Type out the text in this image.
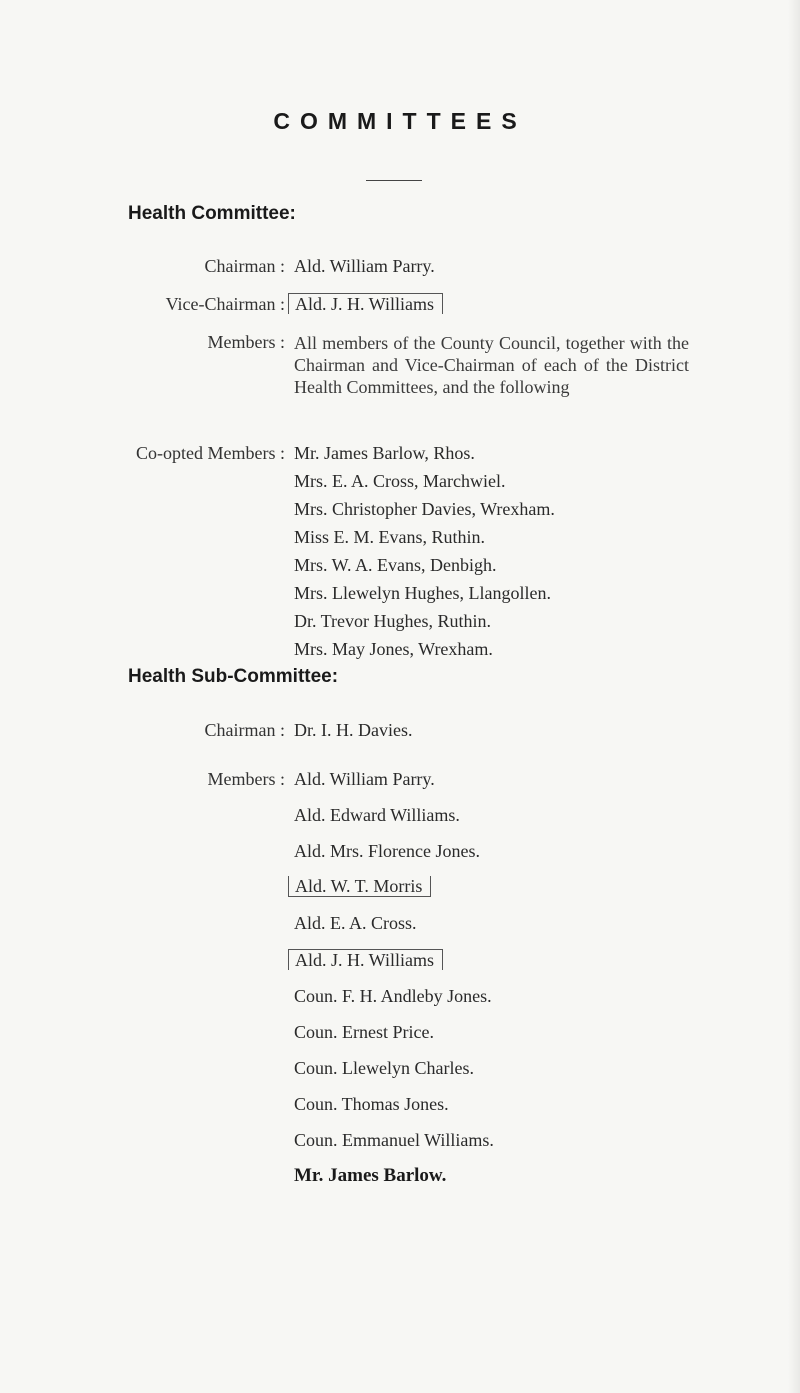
COMMITTEES
Health Committee:
Chairman : Ald. William Parry.
Vice-Chairman : Ald. J. H. Williams
Members : All members of the County Council, together with the Chairman and Vice-Chairman of each of the District Health Committees, and the following
Co-opted Members : Mr. James Barlow, Rhos.
Mrs. E. A. Cross, Marchwiel.
Mrs. Christopher Davies, Wrexham.
Miss E. M. Evans, Ruthin.
Mrs. W. A. Evans, Denbigh.
Mrs. Llewelyn Hughes, Llangollen.
Dr. Trevor Hughes, Ruthin.
Mrs. May Jones, Wrexham.
Health Sub-Committee:
Chairman : Dr. I. H. Davies.
Members : Ald. William Parry.
Ald. Edward Williams.
Ald. Mrs. Florence Jones.
Ald. W. T. Morris
Ald. E. A. Cross.
Ald. J. H. Williams
Coun. F. H. Andleby Jones.
Coun. Ernest Price.
Coun. Llewelyn Charles.
Coun. Thomas Jones.
Coun. Emmanuel Williams.
Mr. James Barlow.
